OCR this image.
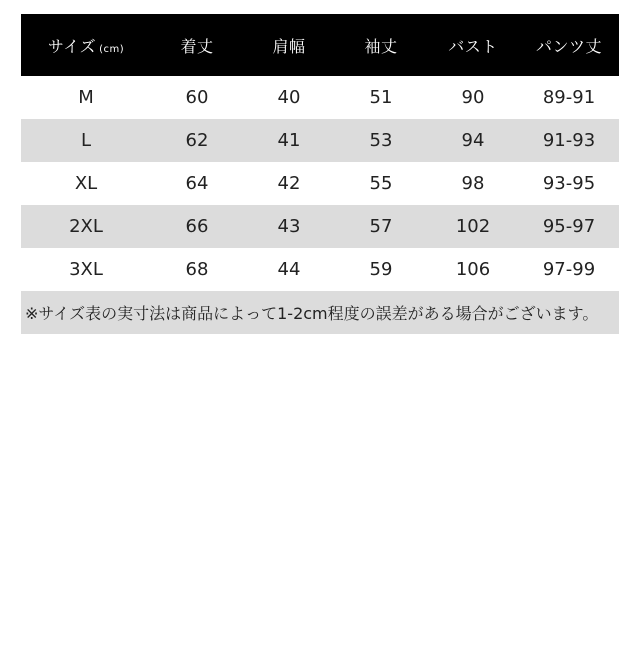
サイズ (cm)	着丈	肩幅	袖丈	バスト	パンツ丈
M	60	40	51	90	89-91
L	62	41	53	94	91-93
XL	64	42	55	98	93-95
2XL	66	43	57	102	95-97
3XL	68	44	59	106	97-99
※サイズ表の実寸法は商品によって1-2cm程度の誤差がある場合がございます。
